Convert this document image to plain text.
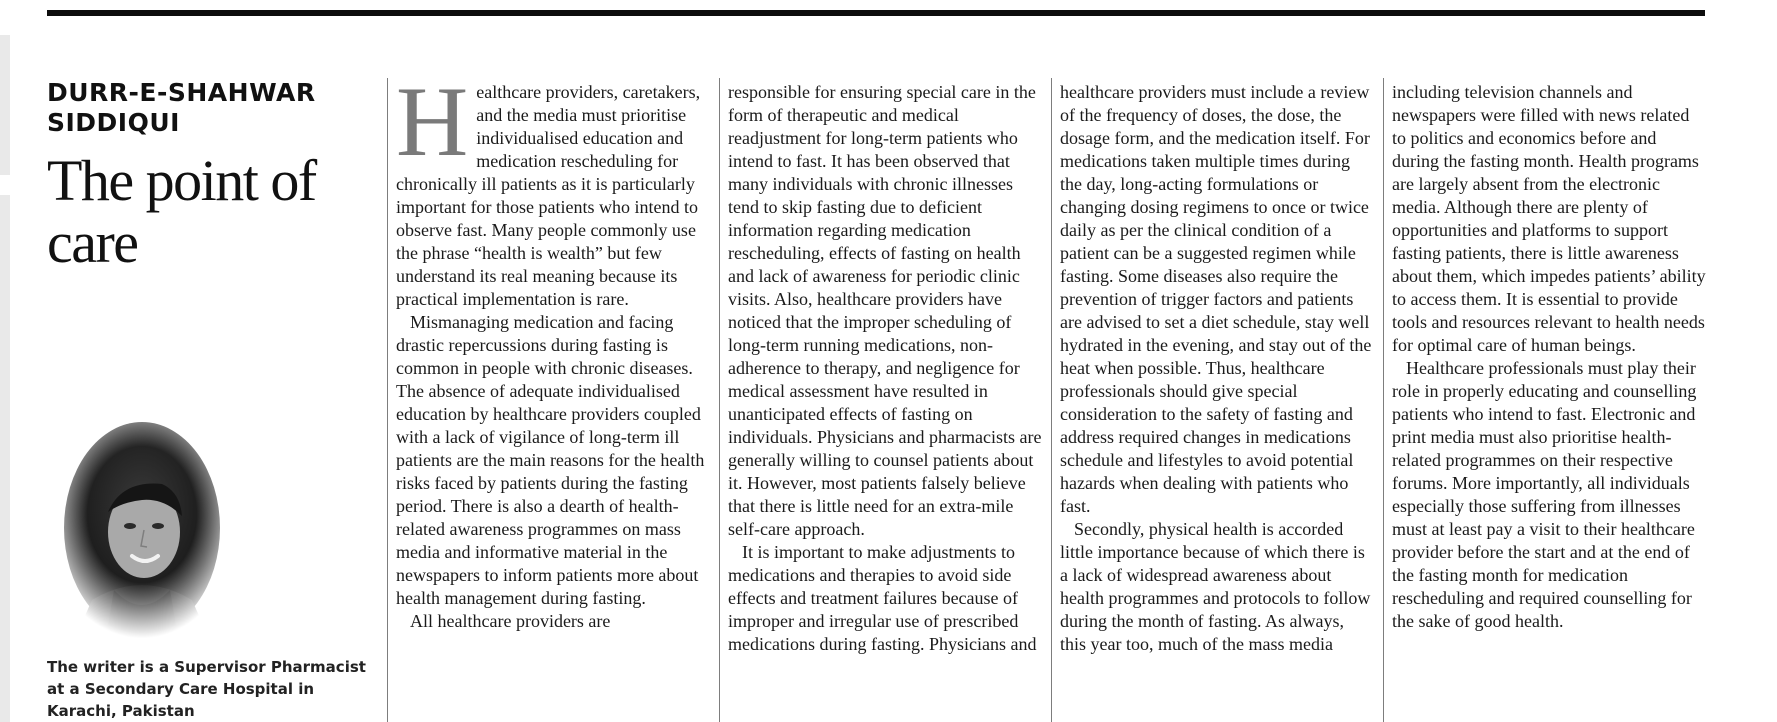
DURR-E-SHAHWAR SIDDIQUI
The point of care

The writer is a Supervisor Pharmacist at a Secondary Care Hospital in Karachi, Pakistan

Healthcare providers, caretakers, and the media must prioritise individualised education and medication rescheduling for chronically ill patients as it is particularly important for those patients who intend to observe fast. Many people commonly use the phrase “health is wealth” but few understand its real meaning because its practical implementation is rare.

Mismanaging medication and facing drastic repercussions during fasting is common in people with chronic diseases. The absence of adequate individualised education by healthcare providers coupled with a lack of vigilance of long-term ill patients are the main reasons for the health risks faced by patients during the fasting period. There is also a dearth of health-related awareness programmes on mass media and informative material in the newspapers to inform patients more about health management during fasting.

All healthcare providers are

responsible for ensuring special care in the form of therapeutic and medical readjustment for long-term patients who intend to fast. It has been observed that many individuals with chronic illnesses tend to skip fasting due to deficient information regarding medication rescheduling, effects of fasting on health and lack of awareness for periodic clinic visits. Also, healthcare providers have noticed that the improper scheduling of long-term running medications, non-adherence to therapy, and negligence for medical assessment have resulted in unanticipated effects of fasting on individuals. Physicians and pharmacists are generally willing to counsel patients about it. However, most patients falsely believe that there is little need for an extra-mile self-care approach.

It is important to make adjustments to medications and therapies to avoid side effects and treatment failures because of improper and irregular use of prescribed medications during fasting. Physicians and

healthcare providers must include a review of the frequency of doses, the dose, the dosage form, and the medication itself. For medications taken multiple times during the day, long-acting formulations or changing dosing regimens to once or twice daily as per the clinical condition of a patient can be a suggested regimen while fasting. Some diseases also require the prevention of trigger factors and patients are advised to set a diet schedule, stay well hydrated in the evening, and stay out of the heat when possible. Thus, healthcare professionals should give special consideration to the safety of fasting and address required changes in medications schedule and lifestyles to avoid potential hazards when dealing with patients who fast.

Secondly, physical health is accorded little importance because of which there is a lack of widespread awareness about health programmes and protocols to follow during the month of fasting. As always, this year too, much of the mass media

including television channels and newspapers were filled with news related to politics and economics before and during the fasting month. Health programs are largely absent from the electronic media. Although there are plenty of opportunities and platforms to support fasting patients, there is little awareness about them, which impedes patients’ ability to access them. It is essential to provide tools and resources relevant to health needs for optimal care of human beings.

Healthcare professionals must play their role in properly educating and counselling patients who intend to fast. Electronic and print media must also prioritise health-related programmes on their respective forums. More importantly, all individuals especially those suffering from illnesses must at least pay a visit to their healthcare provider before the start and at the end of the fasting month for medication rescheduling and required counselling for the sake of good health.
